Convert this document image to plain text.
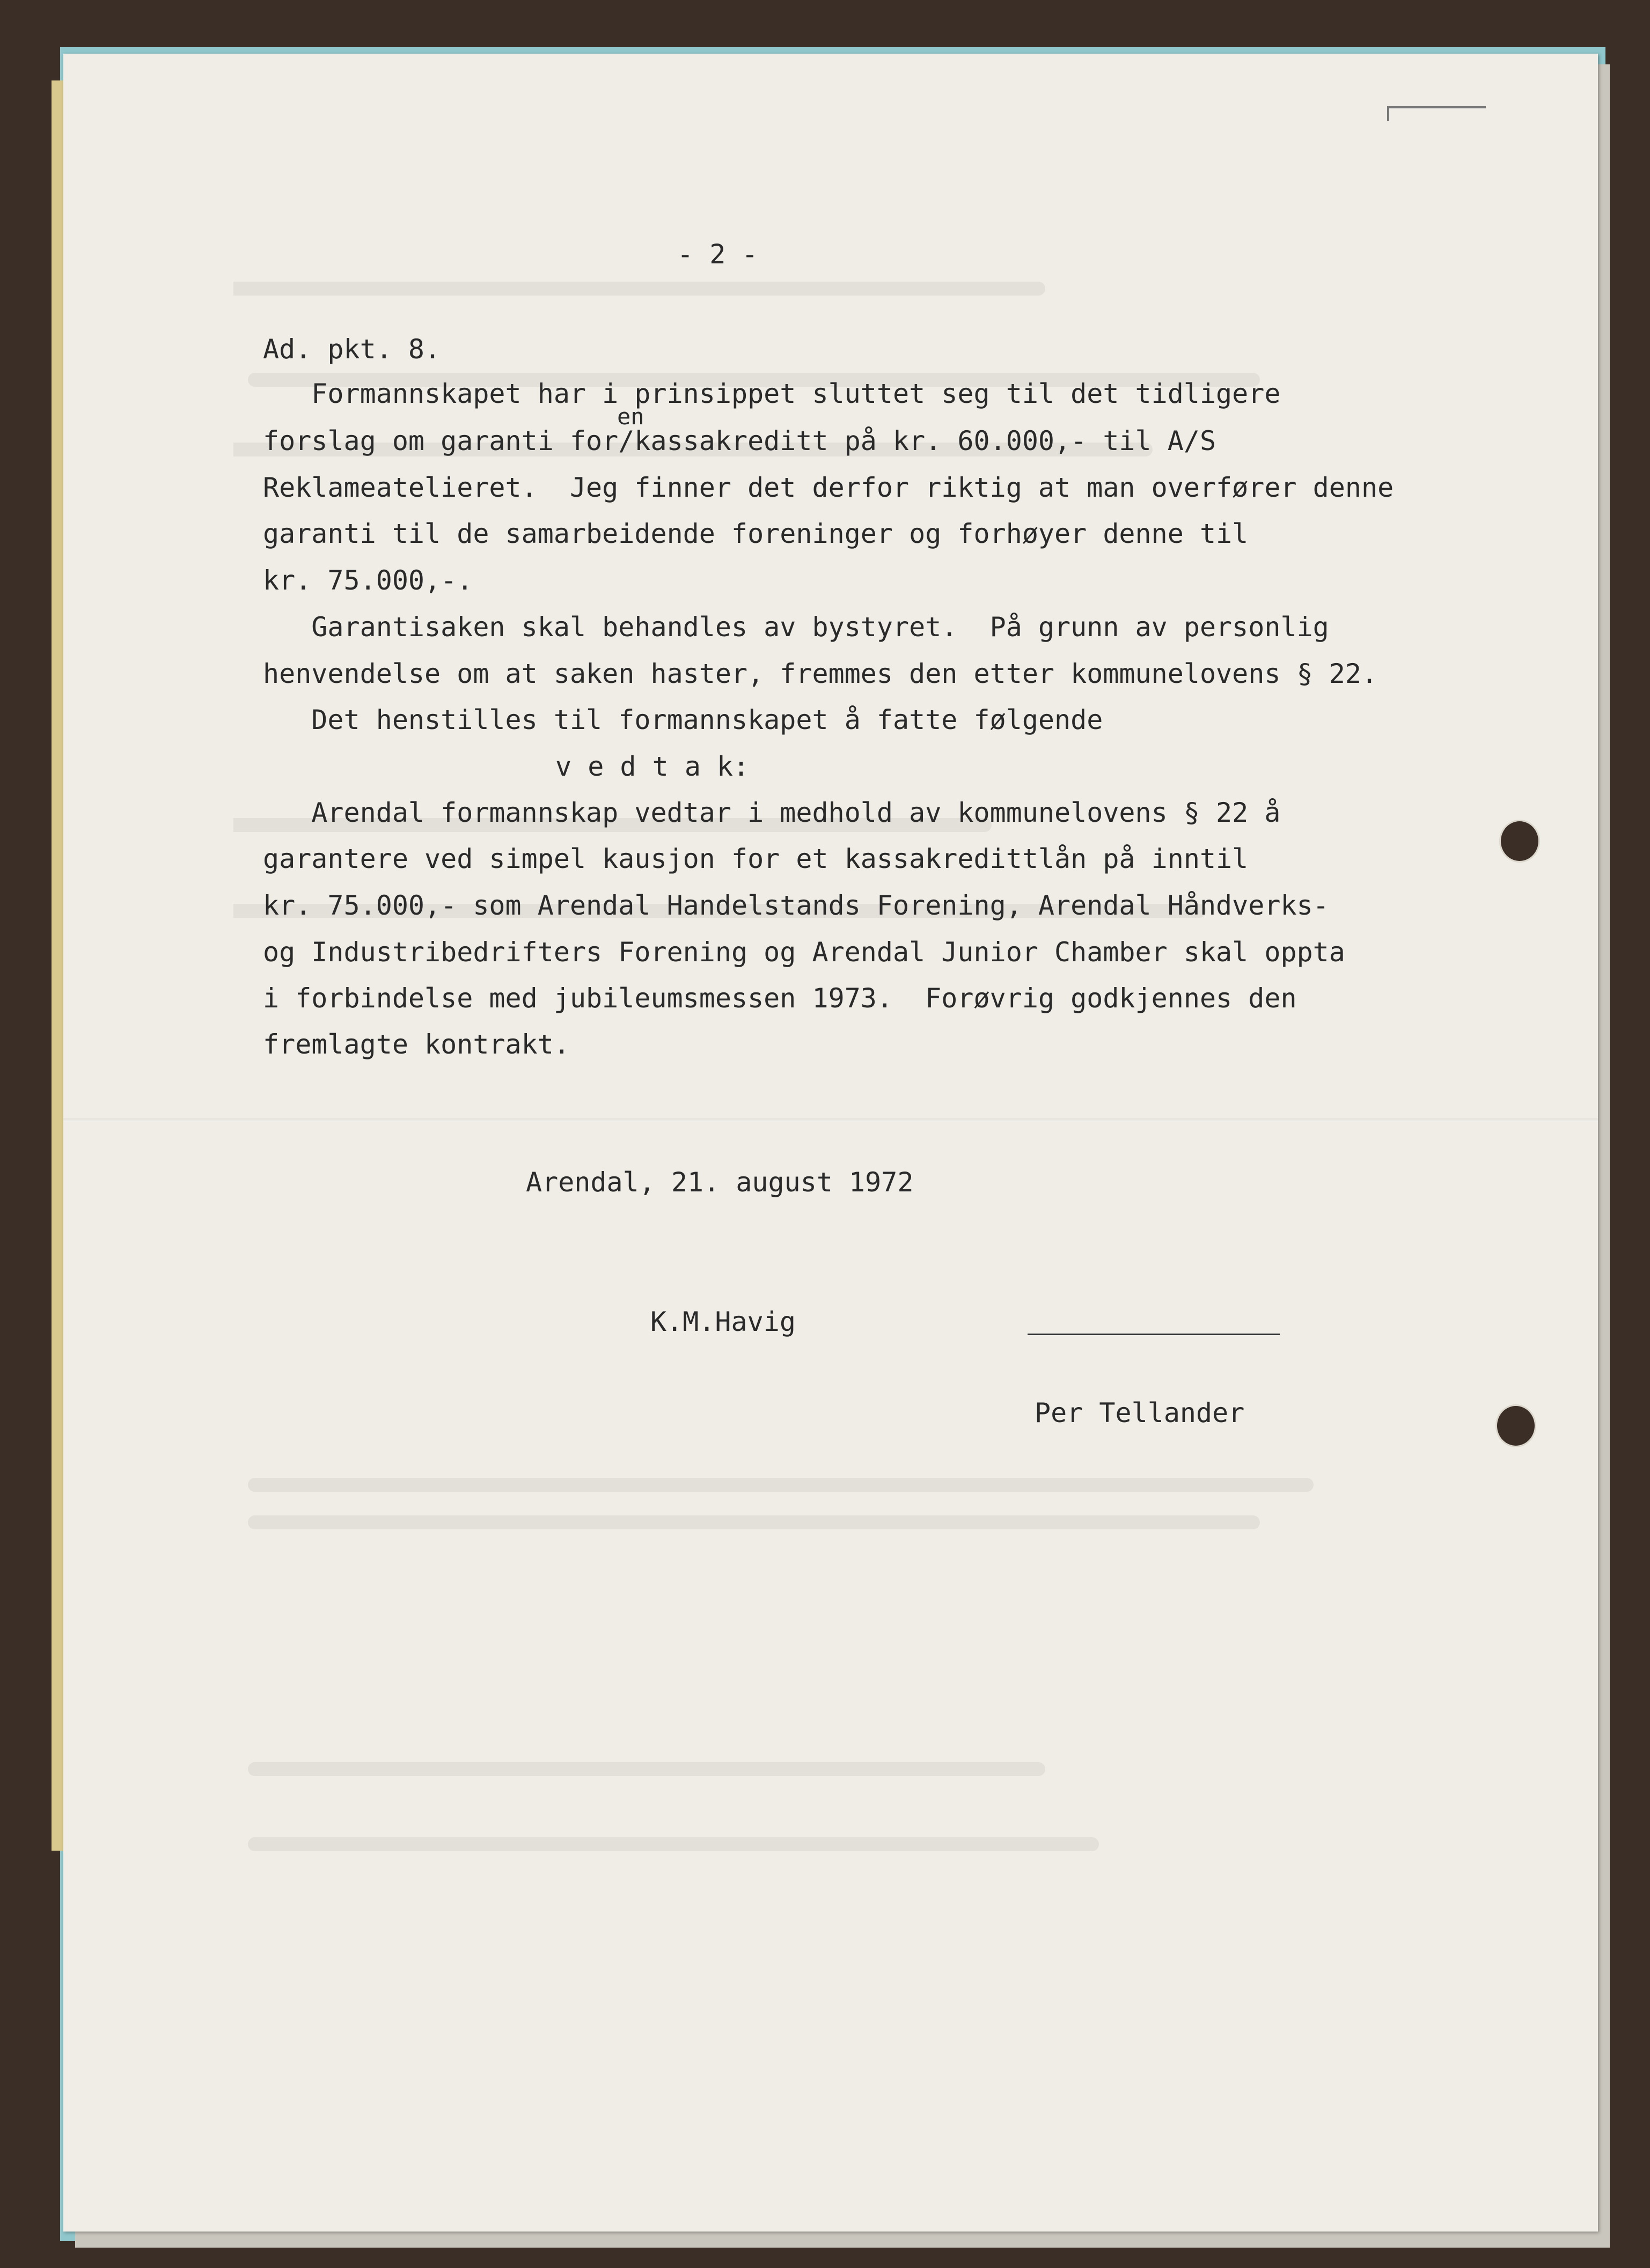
- 2 -
Ad. pkt. 8.
Formannskapet har i prinsippet sluttet seg til det tidligere
en
forslag om garanti for/kassakreditt på kr. 60.000,- til A/S
Reklameatelieret.  Jeg finner det derfor riktig at man overfører denne
garanti til de samarbeidende foreninger og forhøyer denne til
kr. 75.000,-.
Garantisaken skal behandles av bystyret.  På grunn av personlig
henvendelse om at saken haster, fremmes den etter kommunelovens § 22.
Det henstilles til formannskapet å fatte følgende
v e d t a k:
Arendal formannskap vedtar i medhold av kommunelovens § 22 å
garantere ved simpel kausjon for et kassakredittlån på inntil
kr. 75.000,- som Arendal Handelstands Forening, Arendal Håndverks-
og Industribedrifters Forening og Arendal Junior Chamber skal oppta
i forbindelse med jubileumsmessen 1973.  Forøvrig godkjennes den
fremlagte kontrakt.
Arendal, 21. august 1972
K.M.Havig
Per Tellander
